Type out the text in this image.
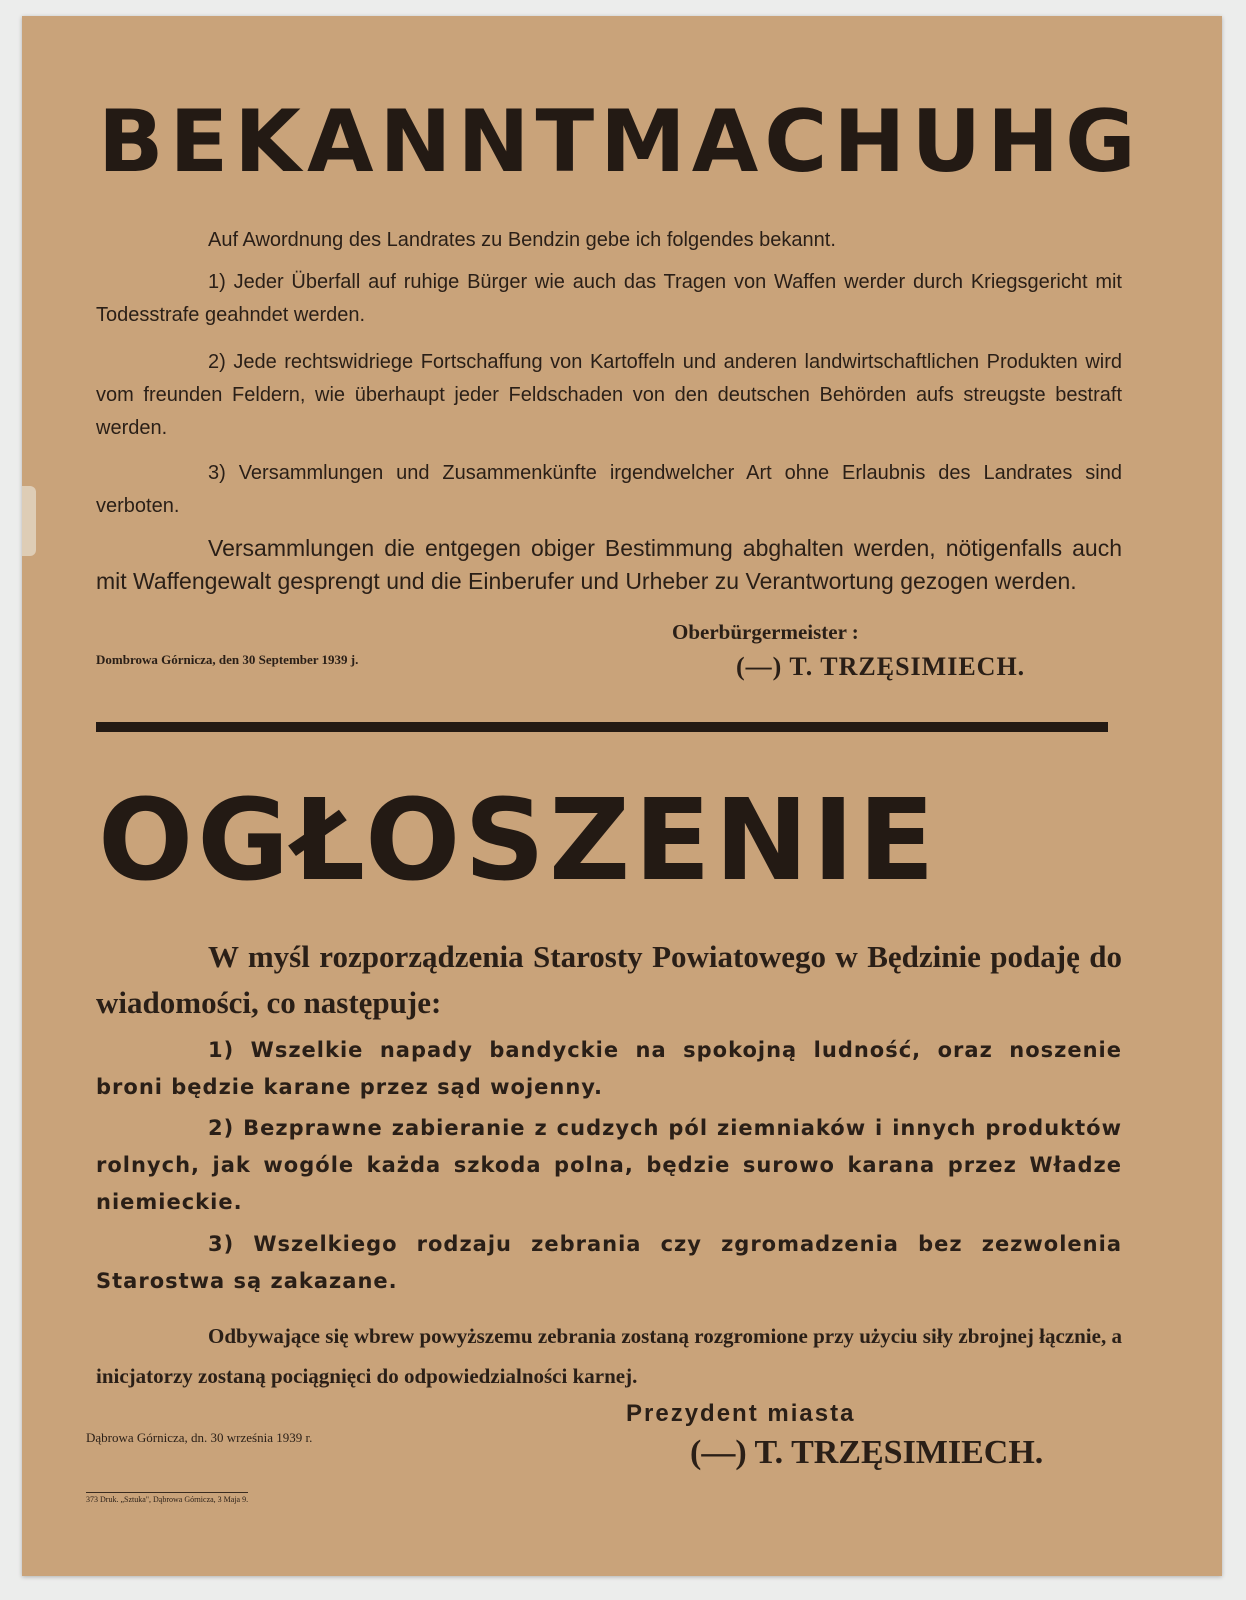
BEKANNTMACHUHG

Auf Awordnung des Landrates zu Bendzin gebe ich folgendes bekannt.

1) Jeder Überfall auf ruhige Bürger wie auch das Tragen von Waffen werder durch Kriegsgericht mit Todesstrafe geahndet werden.

2) Jede rechtswidriege Fortschaffung von Kartoffeln und anderen landwirtschaftlichen Produkten wird vom freunden Feldern, wie überhaupt jeder Feldschaden von den deutschen Behörden aufs streugste bestraft werden.

3) Versammlungen und Zusammenkünfte irgendwelcher Art ohne Erlaubnis des Landrates sind verboten.

Versammlungen die entgegen obiger Bestimmung abghalten werden, nötigenfalls auch mit Waffengewalt gesprengt und die Einberufer und Urheber zu Verantwortung gezogen werden.

Dombrowa Górnicza, den 30 September 1939 j.
Oberbürgermeister :
(—) T. TRZĘSIMIECH.
OGŁOSZENIE

W myśl rozporządzenia Starosty Powiatowego w Będzinie podaję do wiadomości, co następuje:

1) Wszelkie napady bandyckie na spokojną ludność, oraz noszenie broni będzie karane przez sąd wojenny.

2) Bezprawne zabieranie z cudzych pól ziemniaków i innych produktów rolnych, jak wogóle każda szkoda polna, będzie surowo karana przez Władze niemieckie.

3) Wszelkiego rodzaju zebrania czy zgromadzenia bez zezwolenia Starostwa są zakazane.

Odbywające się wbrew powyższemu zebrania zostaną rozgromione przy użyciu siły zbrojnej łącznie, a inicjatorzy zostaną pociągnięci do odpowiedzialności karnej.

Dąbrowa Górnicza, dn. 30 września 1939 r.
Prezydent miasta
(—) T. TRZĘSIMIECH.
373 Druk. „Sztuka", Dąbrowa Górnicza, 3 Maja 9.
